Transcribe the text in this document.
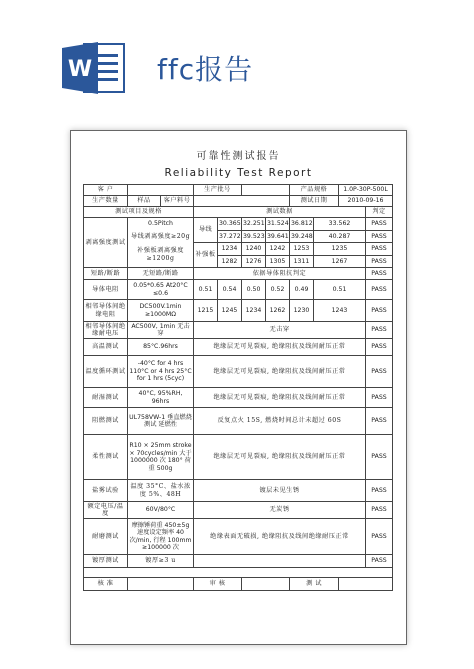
W ffc报告
可靠性测试报告
Reliability Test Report
客 户			生产批号				产品规格		1.0P-30P-500L	
生产数量	样品	客户料号					测试日期		2010-09-16	
测试项目及规格			测试数据							判定
剥离强度测试	0.5Pitch		导线	30.365	32.251	31.524	36.812	33.562		PASS
	导线剥离强度≥20g			37.272	39.523	39.641	39.248	40.287		PASS
	补强板剥离强度≥1200g		补强板	1234	1240	1242	1253	1235		PASS
				1282	1276	1305	1311	1267		PASS
短路/断路	无短路/断路		依据导体阻抗判定							PASS
导体电阻	0.05*0.65 At20°C ≤0.6		0.51	0.54	0.50	0.52	0.49	0.51		PASS
相邻导体间绝缘电阻	DC500V.1min ≥1000MΩ		1215	1245	1234	1262	1230	1243		PASS
相邻导体间绝缘耐电压	AC500V, 1min 无击穿		无击穿							PASS
高温测试	85°C.96hrs		绝缘层无可见裂痕, 绝缘阻抗及线间耐压正常							PASS
温度循环测试	-40°C for 4 hrs 110°C or 4 hrs 25°C for 1 hrs (5cyc)		绝缘层无可见裂痕, 绝缘阻抗及线间耐压正常							PASS
耐湿测试	40°C, 95%RH, 96hrs		绝缘层无可见裂痕, 绝缘阻抗及线间耐压正常							PASS
阻燃测试	UL758VW-1 垂直燃烧测试 延燃性		反复点火 15S, 燃烧时间总计未超过 60S							PASS
柔性测试	R10 × 25mm stroke × 70cycles/min 大于 1000000 次 180° 荷重 500g		绝缘层无可见裂痕, 绝缘阻抗及线间耐压正常							PASS
盐雾试验	温度 35°C、盐水浓度 5%、48H		镀层未见生锈							PASS
额定电压/温度	60V/80°C		无炭锈							PASS
耐磨测试	摩擦锤荷重 450±5g 速度设定频率 40 次/min, 行程 100mm ≥100000 次		绝缘表面无破损, 绝缘阻抗及线间绝缘耐压正常							PASS
镀厚测试	镀厚≥3 u									PASS

核 准			审 核				测 试			
